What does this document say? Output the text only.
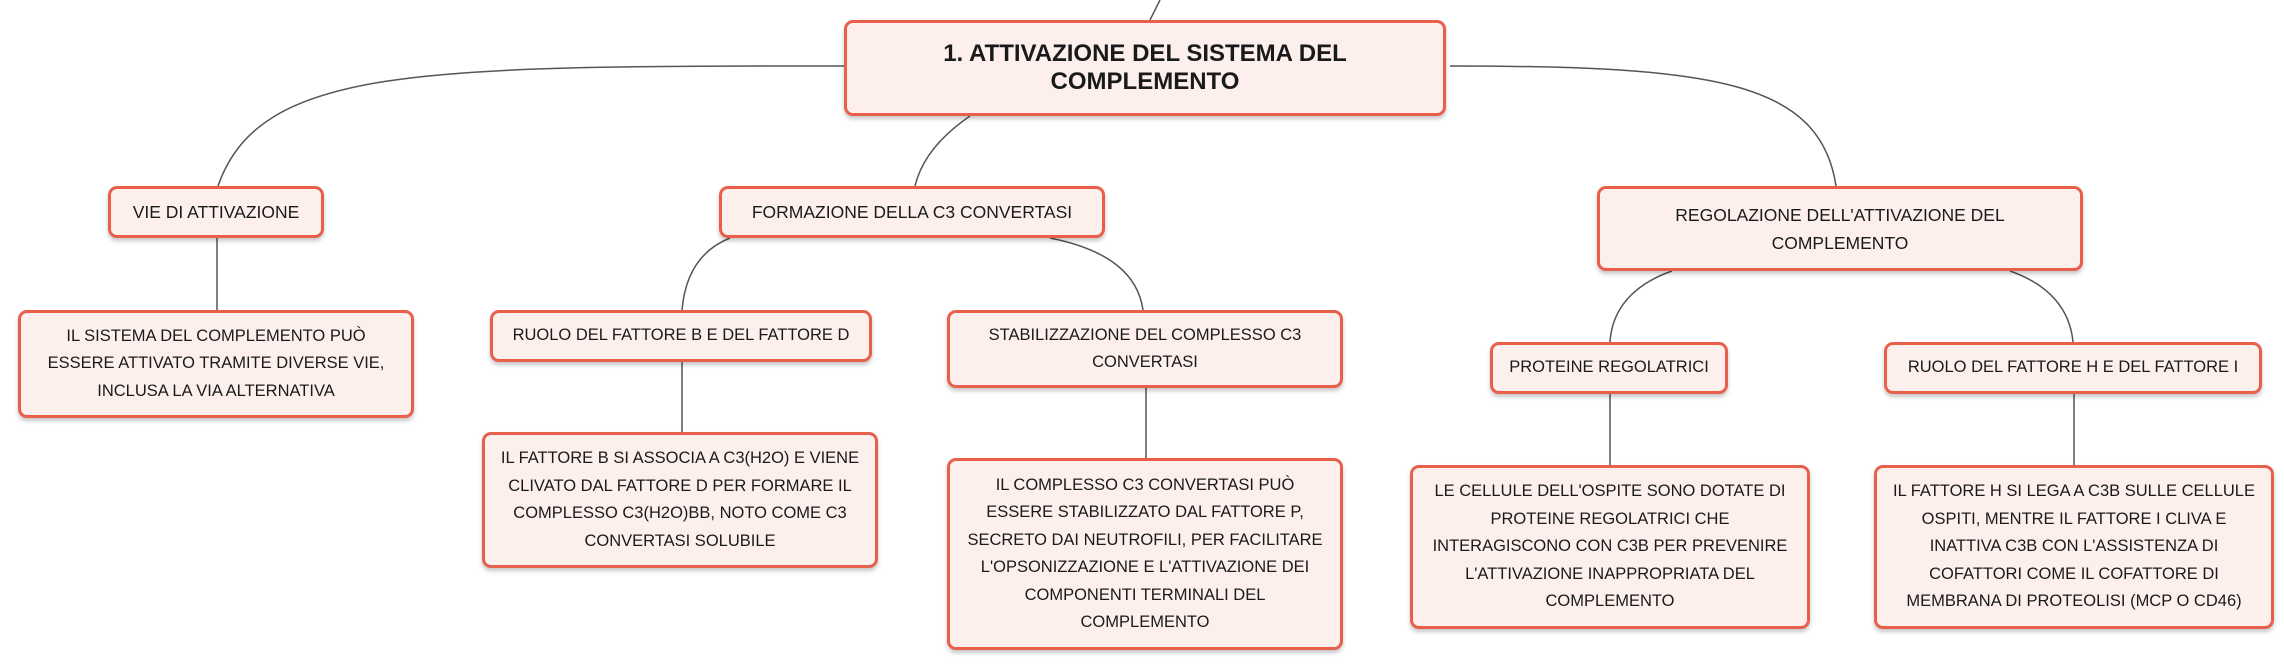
1. ATTIVAZIONE DEL SISTEMA DEL COMPLEMENTO
VIE DI ATTIVAZIONE	FORMAZIONE DELLA C3 CONVERTASI	REGOLAZIONE DELL'ATTIVAZIONE DEL COMPLEMENTO
IL SISTEMA DEL COMPLEMENTO PUÒ ESSERE ATTIVATO TRAMITE DIVERSE VIE, INCLUSA LA VIA ALTERNATIVA
RUOLO DEL FATTORE B E DEL FATTORE D	STABILIZZAZIONE DEL COMPLESSO C3 CONVERTASI	PROTEINE REGOLATRICI	RUOLO DEL FATTORE H E DEL FATTORE I
IL FATTORE B SI ASSOCIA A C3(H2O) E VIENE CLIVATO DAL FATTORE D PER FORMARE IL COMPLESSO C3(H2O)BB, NOTO COME C3 CONVERTASI SOLUBILE
IL COMPLESSO C3 CONVERTASI PUÒ ESSERE STABILIZZATO DAL FATTORE P, SECRETO DAI NEUTROFILI, PER FACILITARE L'OPSONIZZAZIONE E L'ATTIVAZIONE DEI COMPONENTI TERMINALI DEL COMPLEMENTO
LE CELLULE DELL'OSPITE SONO DOTATE DI PROTEINE REGOLATRICI CHE INTERAGISCONO CON C3B PER PREVENIRE L'ATTIVAZIONE INAPPROPRIATA DEL COMPLEMENTO
IL FATTORE H SI LEGA A C3B SULLE CELLULE OSPITI, MENTRE IL FATTORE I CLIVA E INATTIVA C3B CON L'ASSISTENZA DI COFATTORI COME IL COFATTORE DI MEMBRANA DI PROTEOLISI (MCP O CD46)
